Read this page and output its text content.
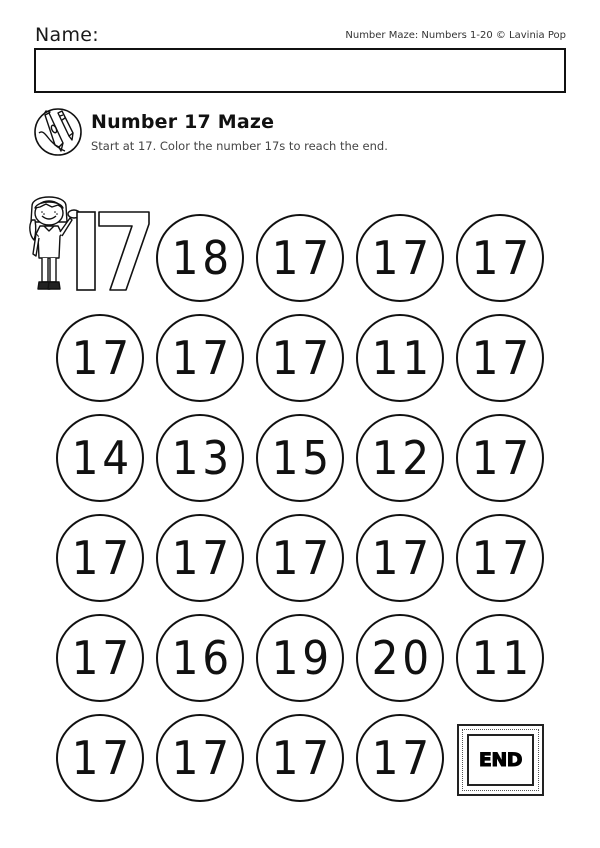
Name:	Number Maze: Numbers 1-20 © Lavinia Pop
Number 17 Maze
Start at 17. Color the number 17s to reach the end.
18 17 17 17
17 17 17 11 17
14 13 15 12 17
17 17 17 17 17
17 16 19 20 11
17 17 17 17 END
